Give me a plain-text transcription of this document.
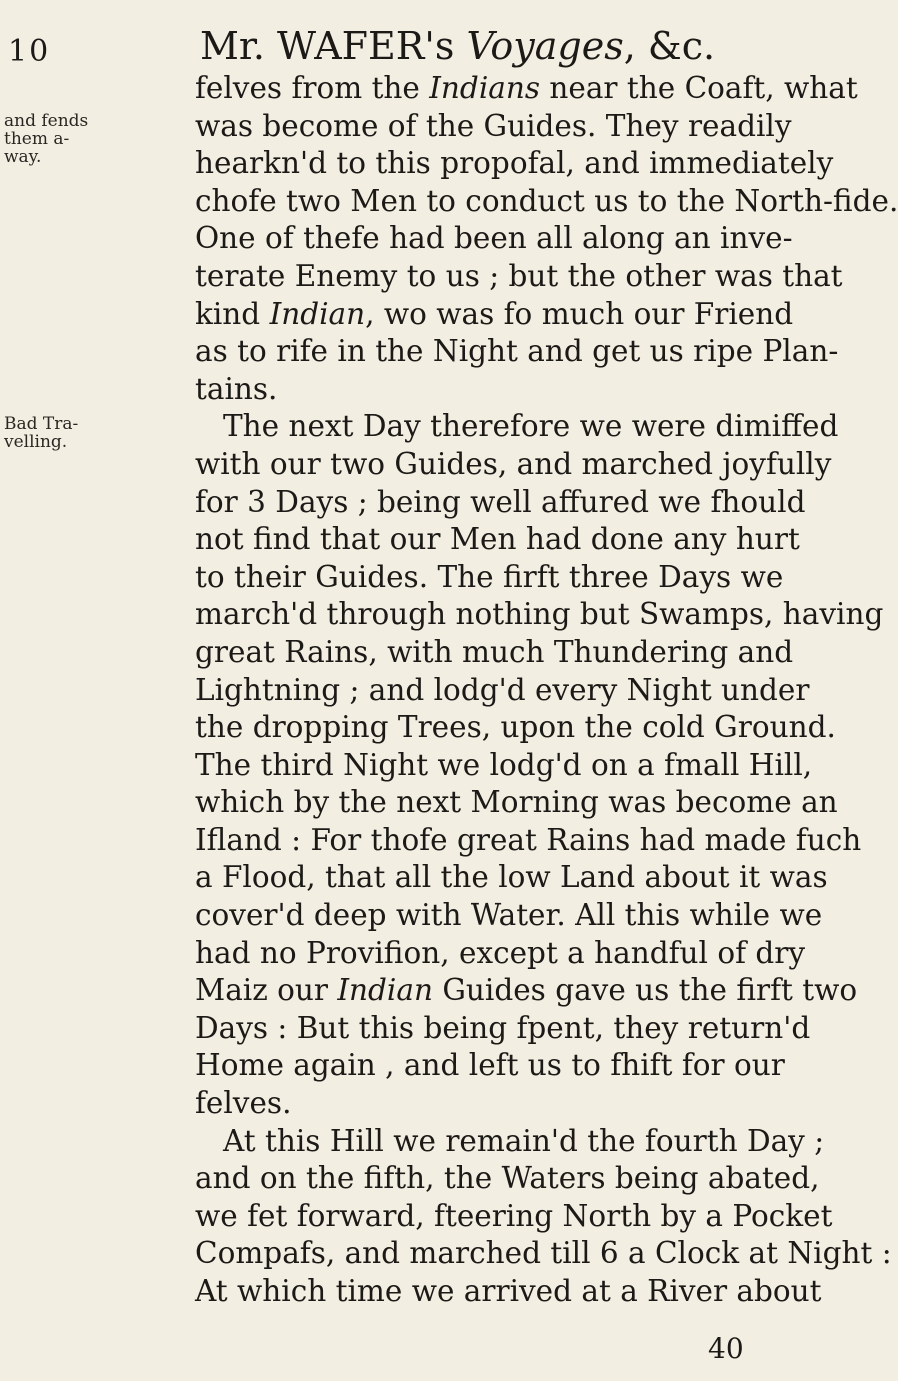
10	Mr. WAFER's Voyages, &c.
and fends
them a-
way.
Bad Tra-
velling.
felves from the Indians near the Coaft, what
was become of the Guides. They readily
hearkn'd to this propofal, and immediately
chofe two Men to conduct us to the North-fide.
One of thefe had been all along an inve-
terate Enemy to us ; but the other was that
kind Indian, wo was fo much our Friend
as to rife in the Night and get us ripe Plan-
tains.
The next Day therefore we were dimiffed
with our two Guides, and marched joyfully
for 3 Days ; being well affured we fhould
not find that our Men had done any hurt
to their Guides. The firft three Days we
march'd through nothing but Swamps, having
great Rains, with much Thundering and
Lightning ; and lodg'd every Night under
the dropping Trees, upon the cold Ground.
The third Night we lodg'd on a fmall Hill,
which by the next Morning was become an
Ifland : For thofe great Rains had made fuch
a Flood, that all the low Land about it was
cover'd deep with Water. All this while we
had no Provifion, except a handful of dry
Maiz our Indian Guides gave us the firft two
Days : But this being fpent, they return'd
Home again , and left us to fhift for our
felves.
At this Hill we remain'd the fourth Day ;
and on the fifth, the Waters being abated,
we fet forward, fteering North by a Pocket
Compafs, and marched till 6 a Clock at Night :
At which time we arrived at a River about
40
